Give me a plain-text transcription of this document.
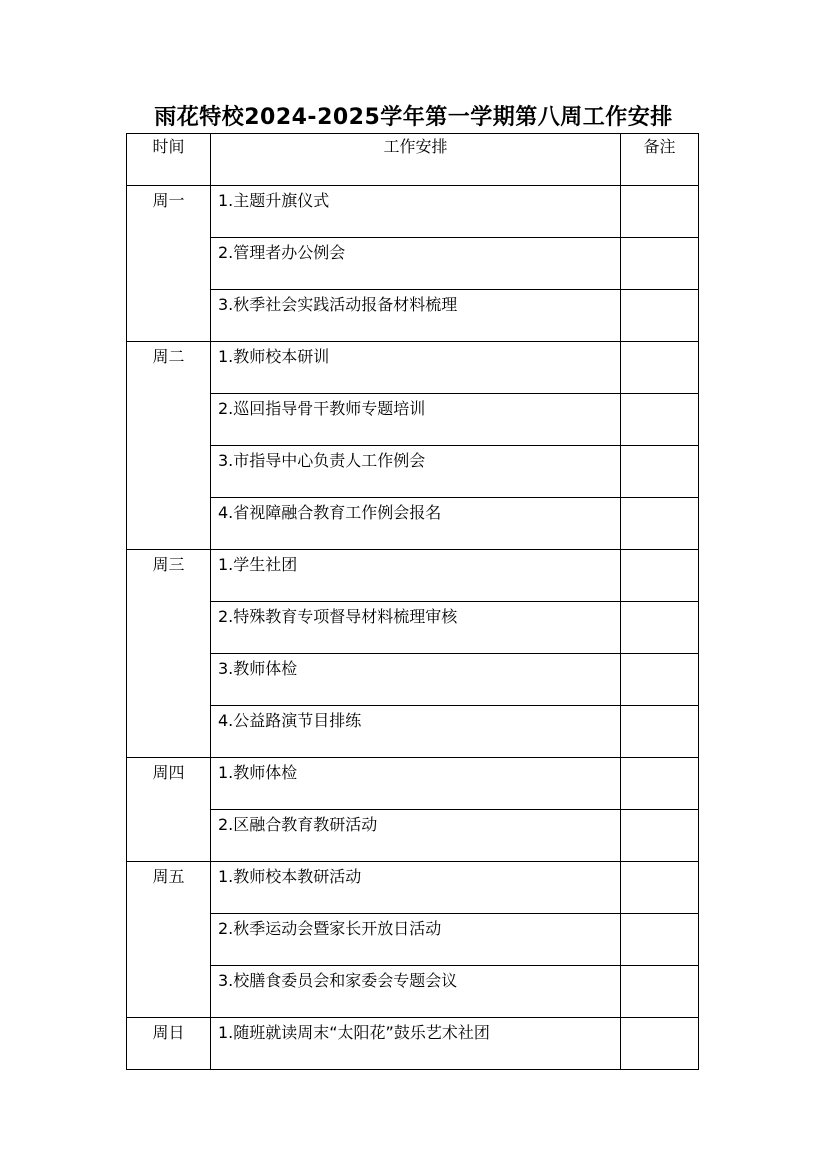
雨花特校2024-2025学年第一学期第八周工作安排
时间	工作安排	备注

周一	1.主题升旗仪式	

	2.管理者办公例会	

	3.秋季社会实践活动报备材料梳理	

周二	1.教师校本研训	

	2.巡回指导骨干教师专题培训	

	3.市指导中心负责人工作例会	

	4.省视障融合教育工作例会报名	

周三	1.学生社团	

	2.特殊教育专项督导材料梳理审核	

	3.教师体检	

	4.公益路演节目排练	

周四	1.教师体检	

	2.区融合教育教研活动	

周五	1.教师校本教研活动	

	2.秋季运动会暨家长开放日活动	

	3.校膳食委员会和家委会专题会议	

周日	1.随班就读周末“太阳花”鼓乐艺术社团	
